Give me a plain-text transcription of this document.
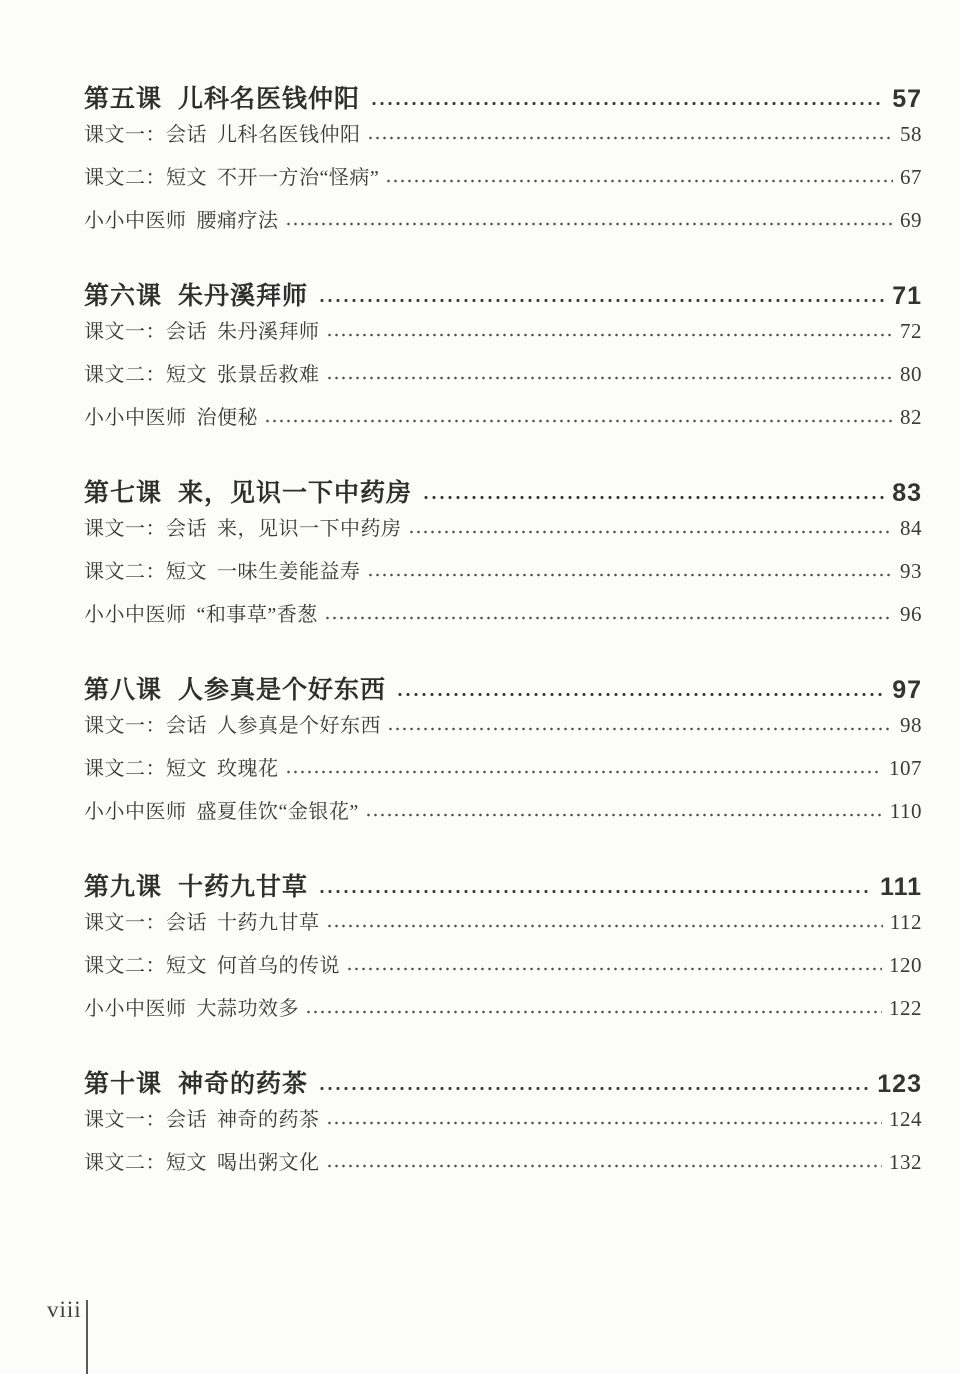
第五课 儿科名医钱仲阳	57
课文一：会话 儿科名医钱仲阳	58
课文二：短文 不开一方治“怪病”	67
小小中医师 腰痛疗法	69
第六课 朱丹溪拜师	71
课文一：会话 朱丹溪拜师	72
课文二：短文 张景岳救难	80
小小中医师 治便秘	82
第七课 来，见识一下中药房	83
课文一：会话 来，见识一下中药房	84
课文二：短文 一味生姜能益寿	93
小小中医师 “和事草”香葱	96
第八课 人参真是个好东西	97
课文一：会话 人参真是个好东西	98
课文二：短文 玫瑰花	107
小小中医师 盛夏佳饮“金银花”	110
第九课 十药九甘草	111
课文一：会话 十药九甘草	112
课文二：短文 何首乌的传说	120
小小中医师 大蒜功效多	122
第十课 神奇的药茶	123
课文一：会话 神奇的药茶	124
课文二：短文 喝出粥文化	132
viii
